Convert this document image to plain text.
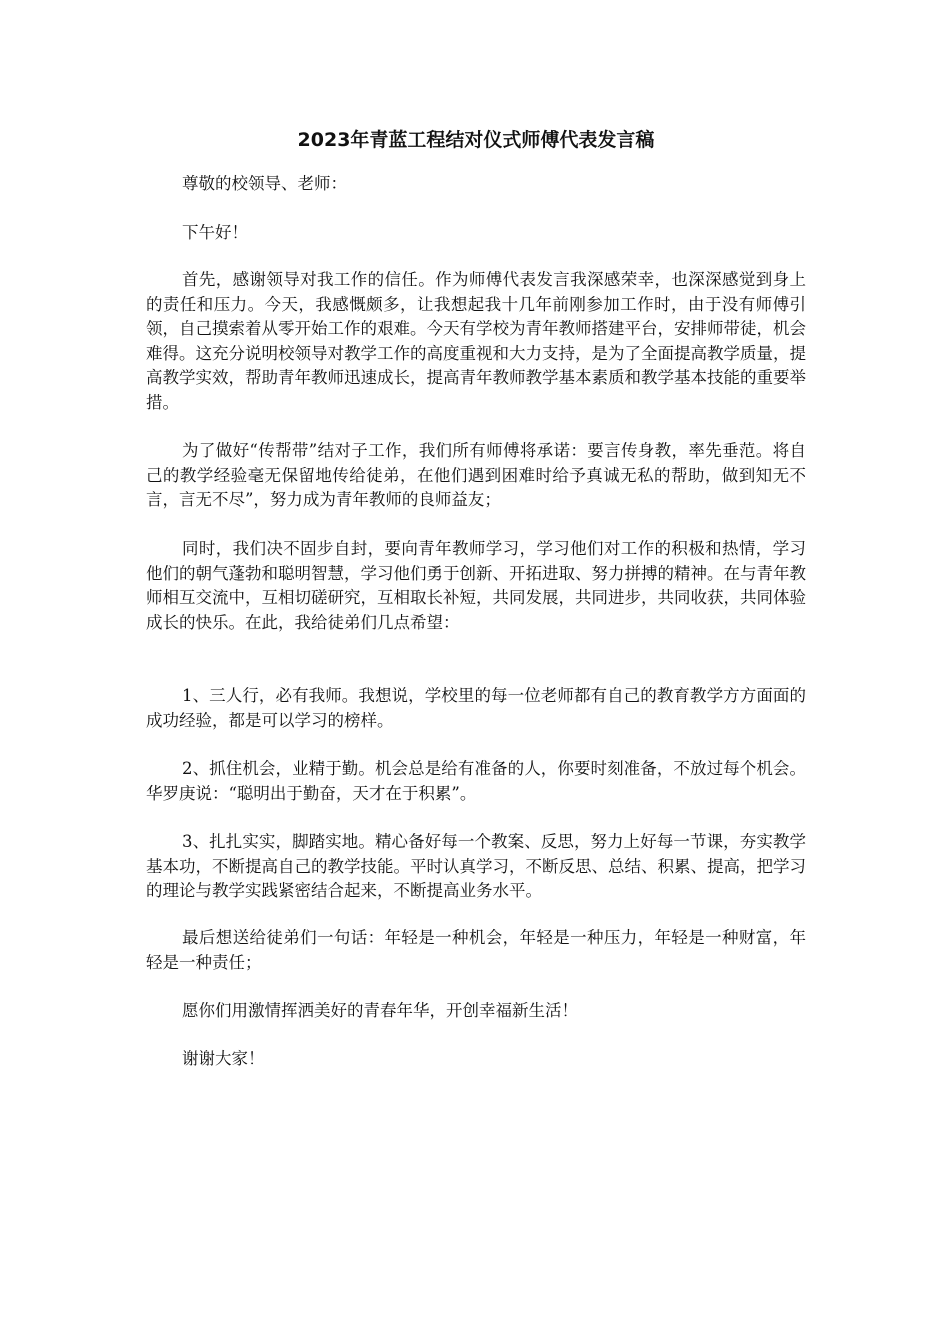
2023年青蓝工程结对仪式师傅代表发言稿

尊敬的校领导、老师：

下午好！

首先，感谢领导对我工作的信任。作为师傅代表发言我深感荣幸，也深深感觉到身上的责任和压力。今天，我感慨颇多，让我想起我十几年前刚参加工作时，由于没有师傅引领，自己摸索着从零开始工作的艰难。今天有学校为青年教师搭建平台，安排师带徒，机会难得。这充分说明校领导对教学工作的高度重视和大力支持，是为了全面提高教学质量，提高教学实效，帮助青年教师迅速成长，提高青年教师教学基本素质和教学基本技能的重要举措。

为了做好“传帮带”结对子工作，我们所有师傅将承诺：要言传身教，率先垂范。将自己的教学经验毫无保留地传给徒弟，在他们遇到困难时给予真诚无私的帮助，做到知无不言，言无不尽”，努力成为青年教师的良师益友；

同时，我们决不固步自封，要向青年教师学习，学习他们对工作的积极和热情，学习他们的朝气蓬勃和聪明智慧，学习他们勇于创新、开拓进取、努力拼搏的精神。在与青年教师相互交流中，互相切磋研究，互相取长补短，共同发展，共同进步，共同收获，共同体验成长的快乐。在此，我给徒弟们几点希望：

1、三人行，必有我师。我想说，学校里的每一位老师都有自己的教育教学方方面面的成功经验，都是可以学习的榜样。

2、抓住机会，业精于勤。机会总是给有准备的人，你要时刻准备，不放过每个机会。华罗庚说：“聪明出于勤奋，天才在于积累”。

3、扎扎实实，脚踏实地。精心备好每一个教案、反思，努力上好每一节课，夯实教学基本功，不断提高自己的教学技能。平时认真学习，不断反思、总结、积累、提高，把学习的理论与教学实践紧密结合起来，不断提高业务水平。

最后想送给徒弟们一句话：年轻是一种机会，年轻是一种压力，年轻是一种财富，年轻是一种责任；

愿你们用激情挥洒美好的青春年华，开创幸福新生活！

谢谢大家！
